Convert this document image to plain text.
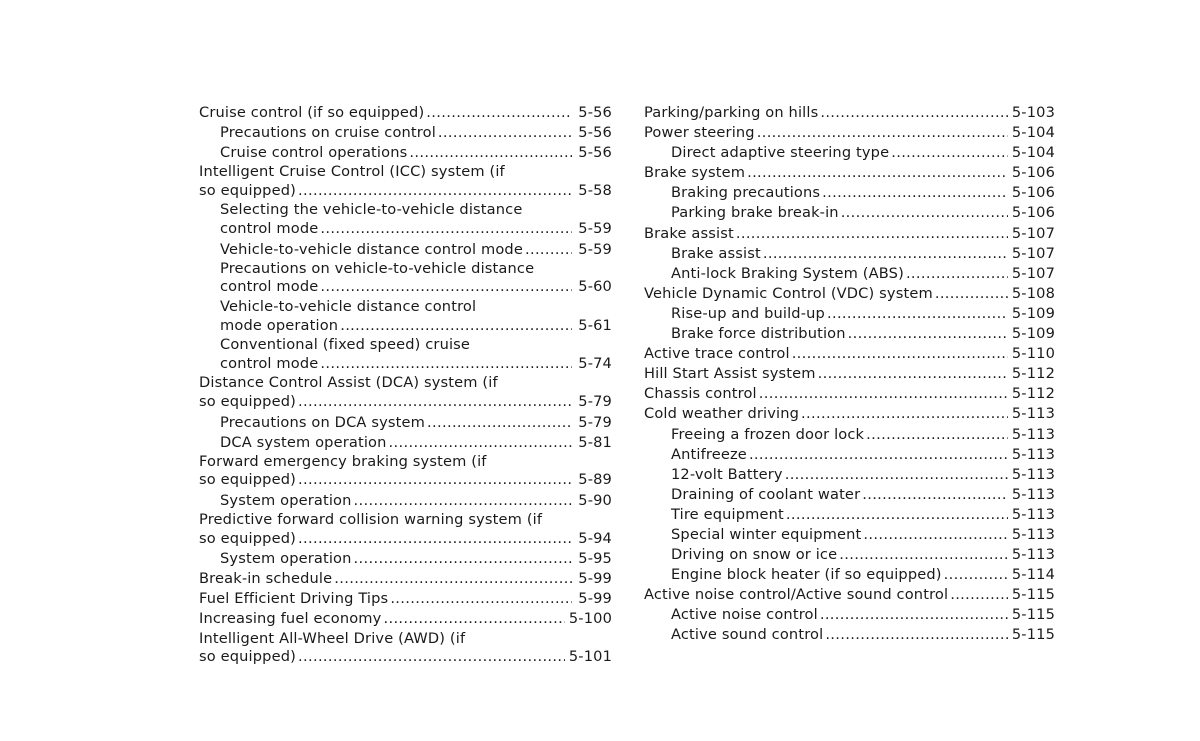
Cruise control (if so equipped) .....	5-56
Precautions on cruise control .....	5-56
Cruise control operations .....	5-56
Intelligent Cruise Control (ICC) system (if
so equipped) .....	5-58
Selecting the vehicle-to-vehicle distance
control mode .....	5-59
Vehicle-to-vehicle distance control mode .....	5-59
Precautions on vehicle-to-vehicle distance
control mode .....	5-60
Vehicle-to-vehicle distance control
mode operation .....	5-61
Conventional (fixed speed) cruise
control mode .....	5-74
Distance Control Assist (DCA) system (if
so equipped) .....	5-79
Precautions on DCA system .....	5-79
DCA system operation .....	5-81
Forward emergency braking system (if
so equipped) .....	5-89
System operation .....	5-90
Predictive forward collision warning system (if
so equipped) .....	5-94
System operation .....	5-95
Break-in schedule .....	5-99
Fuel Efficient Driving Tips .....	5-99
Increasing fuel economy .....	5-100
Intelligent All-Wheel Drive (AWD) (if
so equipped) .....	5-101
Parking/parking on hills .....	5-103
Power steering .....	5-104
Direct adaptive steering type .....	5-104
Brake system .....	5-106
Braking precautions .....	5-106
Parking brake break-in .....	5-106
Brake assist .....	5-107
Brake assist .....	5-107
Anti-lock Braking System (ABS) .....	5-107
Vehicle Dynamic Control (VDC) system .....	5-108
Rise-up and build-up .....	5-109
Brake force distribution .....	5-109
Active trace control .....	5-110
Hill Start Assist system .....	5-112
Chassis control .....	5-112
Cold weather driving .....	5-113
Freeing a frozen door lock .....	5-113
Antifreeze .....	5-113
12-volt Battery .....	5-113
Draining of coolant water .....	5-113
Tire equipment .....	5-113
Special winter equipment .....	5-113
Driving on snow or ice .....	5-113
Engine block heater (if so equipped) .....	5-114
Active noise control/Active sound control .....	5-115
Active noise control .....	5-115
Active sound control .....	5-115
